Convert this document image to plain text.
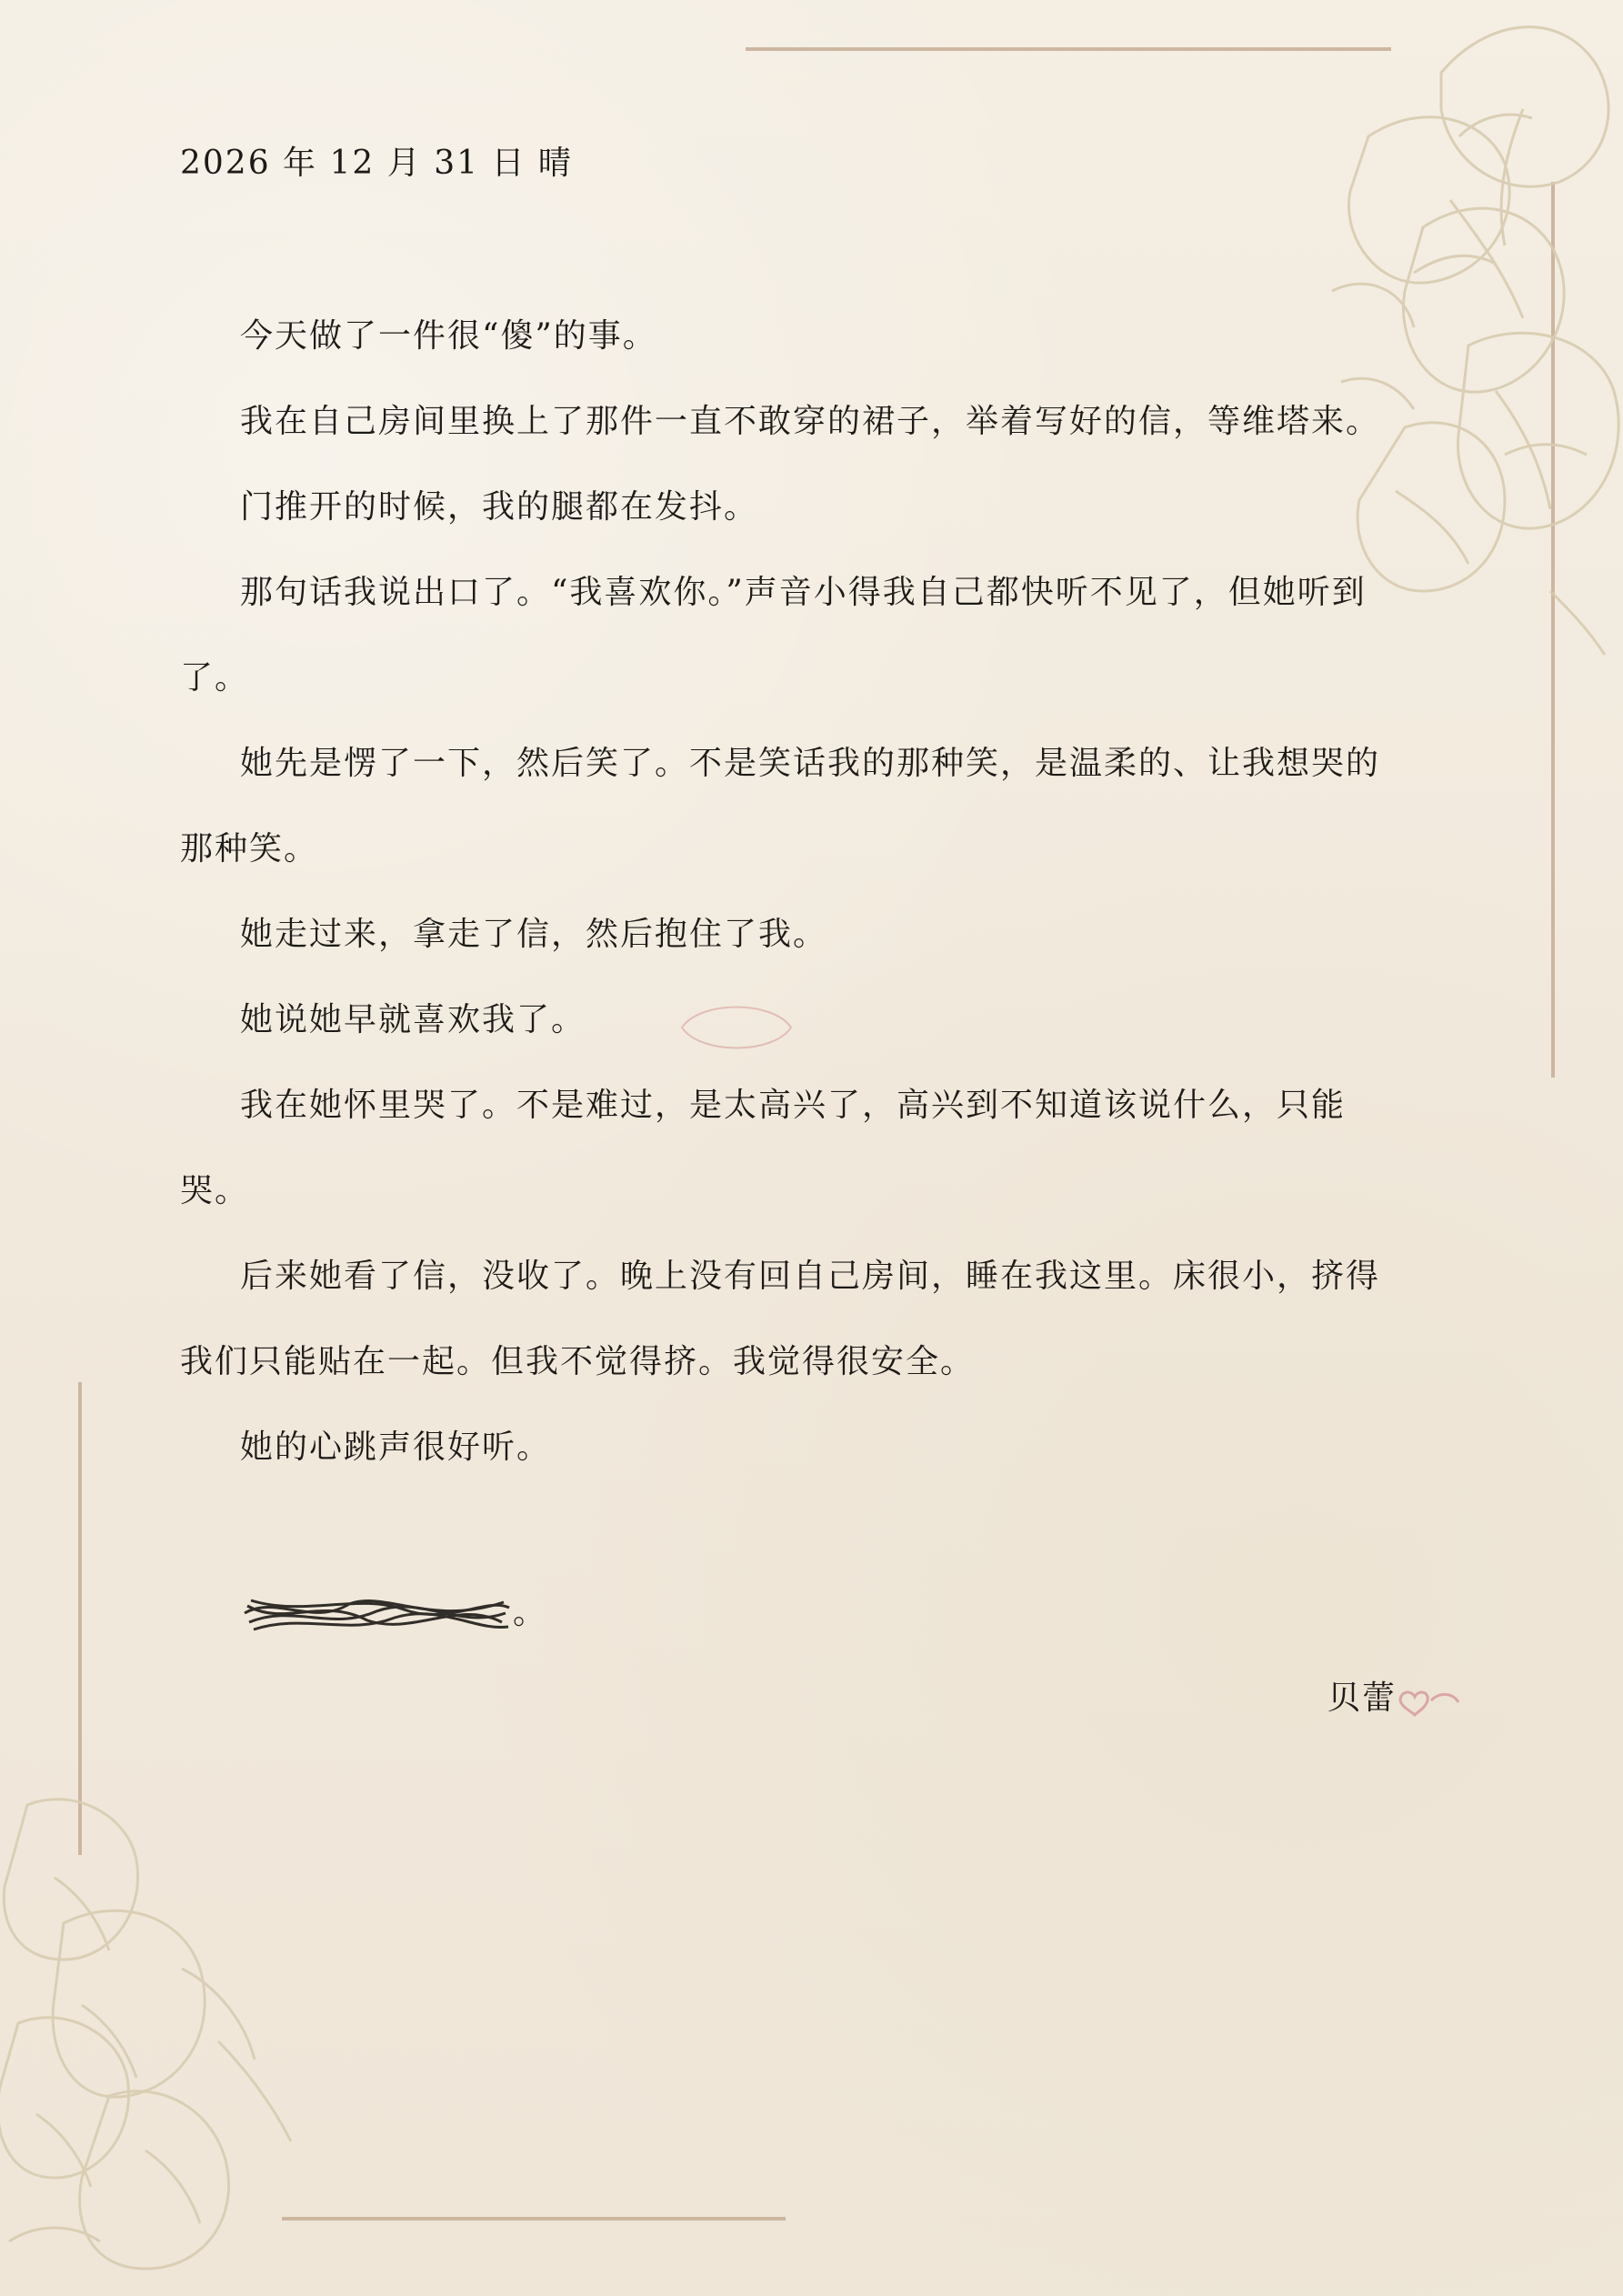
2026 年 12 月 31 日 晴

今天做了一件很“傻”的事。

我在自己房间里换上了那件一直不敢穿的裙子，举着写好的信，等维塔来。

门推开的时候，我的腿都在发抖。

那句话我说出口了。“我喜欢你。”声音小得我自己都快听不见了，但她听到了。

她先是愣了一下，然后笑了。不是笑话我的那种笑，是温柔的、让我想哭的那种笑。

她走过来，拿走了信，然后抱住了我。

她说她早就喜欢我了。

我在她怀里哭了。不是难过，是太高兴了，高兴到不知道该说什么，只能哭。

后来她看了信，没收了。晚上没有回自己房间，睡在我这里。床很小，挤得我们只能贴在一起。但我不觉得挤。我觉得很安全。

她的心跳声很好听。

。
贝蕾
